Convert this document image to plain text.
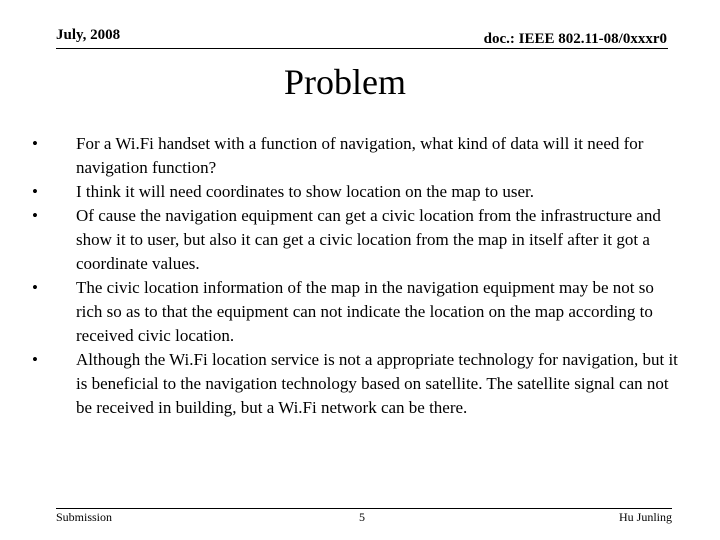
July, 2008	doc.: IEEE 802.11-08/0xxxr0
Problem
• For a Wi.Fi handset with a function of navigation, what kind of data will it need for navigation function?
• I think it will need coordinates to show location on the map to user.
• Of cause the navigation equipment can get a civic location from the infrastructure and show it to user, but also it can get a civic location from the map in itself after it got a coordinate values.
• The civic location information of the map in the navigation equipment may be not so rich so as to that the equipment can not indicate the location on the map according to received civic location.
• Although the Wi.Fi location service is not a appropriate technology for navigation, but it is beneficial to the navigation technology based on satellite. The satellite signal can not be received in building, but a Wi.Fi network can be there.
Submission	5	Hu Junling
